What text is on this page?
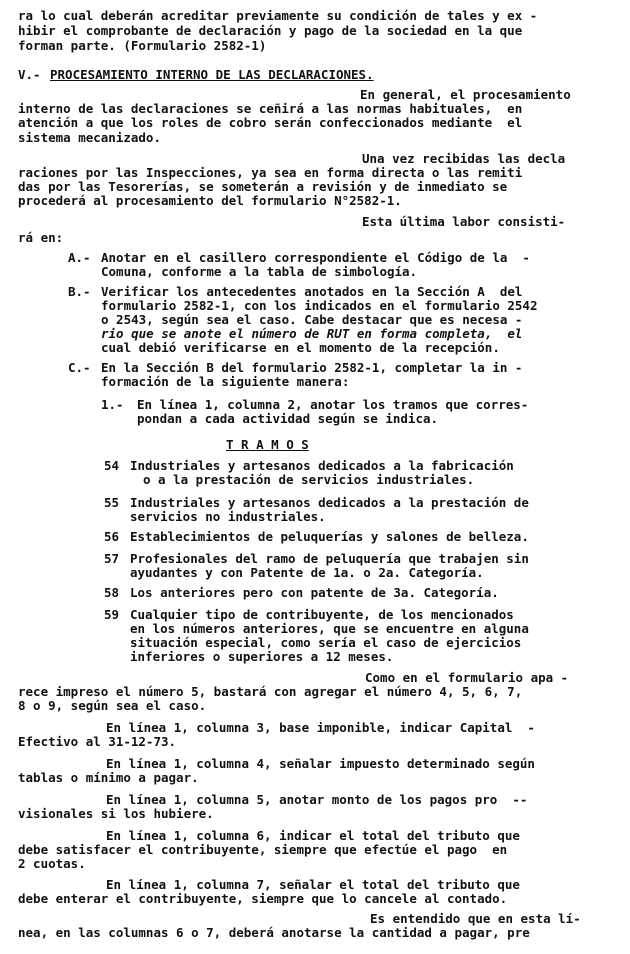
ra lo cual deberán acreditar previamente su condición de tales y ex -
hibir el comprobante de declaración y pago de la sociedad en la que
forman parte. (Formulario 2582-1)
V.- PROCESAMIENTO INTERNO DE LAS DECLARACIONES.
En general, el procesamiento
interno de las declaraciones se ceñirá a las normas habituales,  en
atención a que los roles de cobro serán confeccionados mediante  el
sistema mecanizado.
Una vez recibidas las decla
raciones por las Inspecciones, ya sea en forma directa o las remiti
das por las Tesorerías, se someterán a revisión y de inmediato se
procederá al procesamiento del formulario N°2582-1.
Esta última labor consisti-
rá en:
A.- Anotar en el casillero correspondiente el Código de la  -
Comuna, conforme a la tabla de simbología.
B.- Verificar los antecedentes anotados en la Sección A  del
formulario 2582-1, con los indicados en el formulario 2542
o 2543, según sea el caso. Cabe destacar que es necesa -
rio que se anote el número de RUT en forma completa,  el
cual debió verificarse en el momento de la recepción.
C.- En la Sección B del formulario 2582-1, completar la in -
formación de la siguiente manera:
1.- En línea 1, columna 2, anotar los tramos que corres-
pondan a cada actividad según se indica.
T R A M O S
54 Industriales y artesanos dedicados a la fabricación
o a la prestación de servicios industriales.
55 Industriales y artesanos dedicados a la prestación de
servicios no industriales.
56 Establecimientos de peluquerías y salones de belleza.
57 Profesionales del ramo de peluquería que trabajen sin
ayudantes y con Patente de 1a. o 2a. Categoría.
58 Los anteriores pero con patente de 3a. Categoría.
59 Cualquier tipo de contribuyente, de los mencionados
en los números anteriores, que se encuentre en alguna
situación especial, como sería el caso de ejercicios
inferiores o superiores a 12 meses.
Como en el formulario apa -
rece impreso el número 5, bastará con agregar el número 4, 5, 6, 7,
8 o 9, según sea el caso.
En línea 1, columna 3, base imponible, indicar Capital  -
Efectivo al 31-12-73.
En línea 1, columna 4, señalar impuesto determinado según
tablas o mínimo a pagar.
En línea 1, columna 5, anotar monto de los pagos pro  --
visionales si los hubiere.
En línea 1, columna 6, indicar el total del tributo que
debe satisfacer el contribuyente, siempre que efectúe el pago  en
2 cuotas.
En línea 1, columna 7, señalar el total del tributo que
debe enterar el contribuyente, siempre que lo cancele al contado.
Es entendido que en esta lí-
nea, en las columnas 6 o 7, deberá anotarse la cantidad a pagar, pre
